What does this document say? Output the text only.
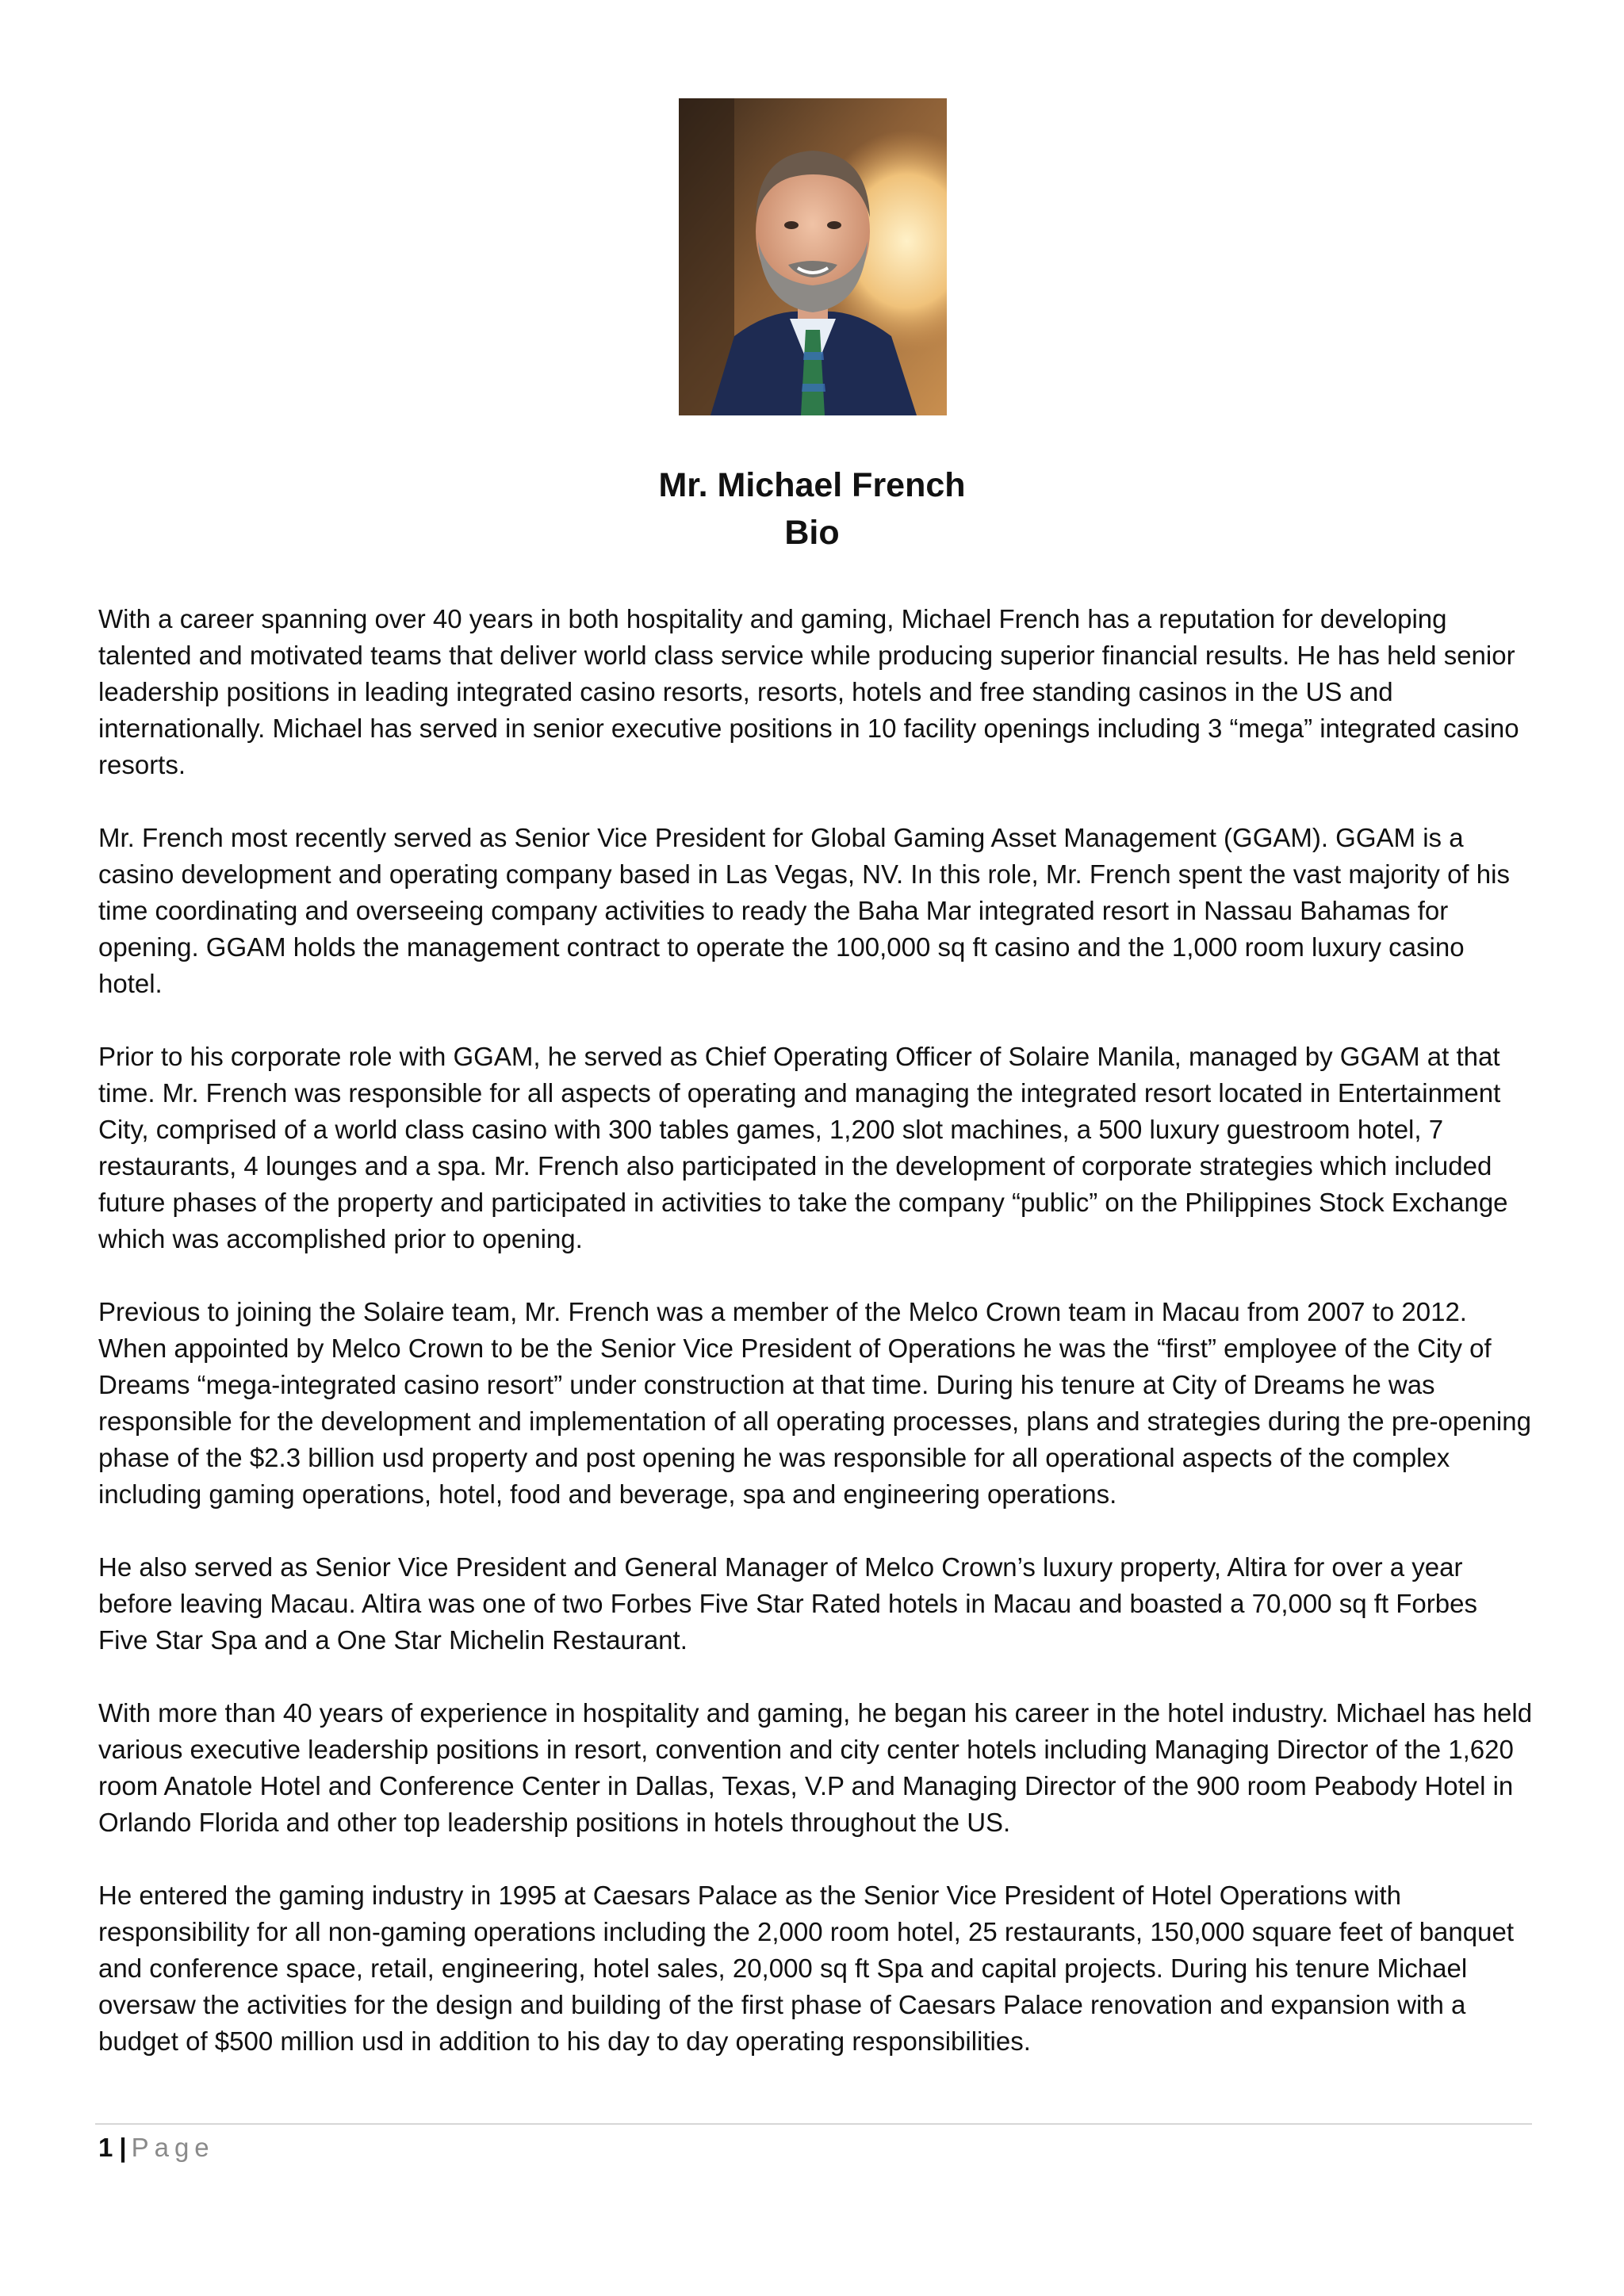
Mr. Michael French
Bio

With a career spanning over 40 years in both hospitality and gaming, Michael French has a reputation for developing talented and motivated teams that deliver world class service while producing superior financial results. He has held senior leadership positions in leading integrated casino resorts, resorts, hotels and free standing casinos in the US and internationally. Michael has served in senior executive positions in 10 facility openings including 3 “mega” integrated casino resorts.

Mr. French most recently served as Senior Vice President for Global Gaming Asset Management (GGAM). GGAM is a casino development and operating company based in Las Vegas, NV. In this role, Mr. French spent the vast majority of his time coordinating and overseeing company activities to ready the Baha Mar integrated resort in Nassau Bahamas for opening. GGAM holds the management contract to operate the 100,000 sq ft casino and the 1,000 room luxury casino hotel.

Prior to his corporate role with GGAM, he served as Chief Operating Officer of Solaire Manila, managed by GGAM at that time. Mr. French was responsible for all aspects of operating and managing the integrated resort located in Entertainment City, comprised of a world class casino with 300 tables games, 1,200 slot machines, a 500 luxury guestroom hotel, 7 restaurants, 4 lounges and a spa. Mr. French also participated in the development of corporate strategies which included future phases of the property and participated in activities to take the company “public” on the Philippines Stock Exchange which was accomplished prior to opening.

Previous to joining the Solaire team, Mr. French was a member of the Melco Crown team in Macau from 2007 to 2012. When appointed by Melco Crown to be the Senior Vice President of Operations he was the “first” employee of the City of Dreams “mega-integrated casino resort” under construction at that time. During his tenure at City of Dreams he was responsible for the development and implementation of all operating processes, plans and strategies during the pre-opening phase of the $2.3 billion usd property and post opening he was responsible for all operational aspects of the complex including gaming operations, hotel, food and beverage, spa and engineering operations.

He also served as Senior Vice President and General Manager of Melco Crown’s luxury property, Altira for over a year before leaving Macau. Altira was one of two Forbes Five Star Rated hotels in Macau and boasted a 70,000 sq ft Forbes Five Star Spa and a One Star Michelin Restaurant.

With more than 40 years of experience in hospitality and gaming, he began his career in the hotel industry. Michael has held various executive leadership positions in resort, convention and city center hotels including Managing Director of the 1,620 room Anatole Hotel and Conference Center in Dallas, Texas, V.P and Managing Director of the 900 room Peabody Hotel in Orlando Florida and other top leadership positions in hotels throughout the US.

He entered the gaming industry in 1995 at Caesars Palace as the Senior Vice President of Hotel Operations with responsibility for all non-gaming operations including the 2,000 room hotel, 25 restaurants, 150,000 square feet of banquet and conference space, retail, engineering, hotel sales, 20,000 sq ft Spa and capital projects. During his tenure Michael oversaw the activities for the design and building of the first phase of Caesars Palace renovation and expansion with a budget of $500 million usd in addition to his day to day operating responsibilities.

1 | Page
